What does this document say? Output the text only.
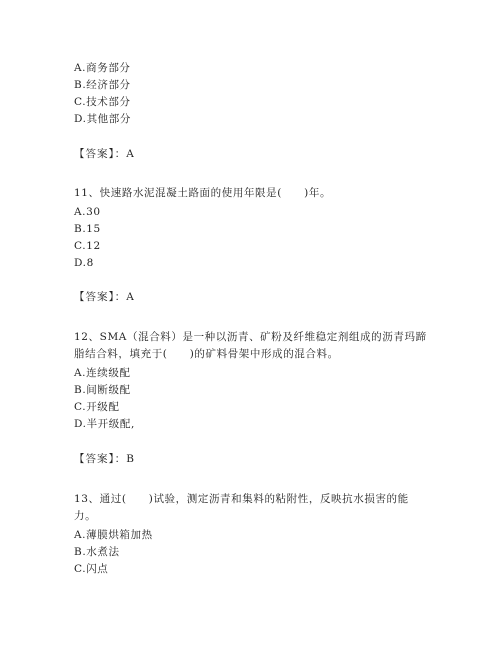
A.商务部分
B.经济部分
C.技术部分
D.其他部分
【答案】：A
11、快速路水泥混凝土路面的使用年限是(　　)年。
A.30
B.15
C.12
D.8
【答案】：A
12、SMA（混合料）是一种以沥青、矿粉及纤维稳定剂组成的沥青玛蹄
脂结合料，填充于(　　)的矿料骨架中形成的混合料。
A.连续级配
B.间断级配
C.开级配
D.半开级配,
【答案】：B
13、通过(　　)试验，测定沥青和集料的粘附性，反映抗水损害的能
力。
A.薄膜烘箱加热
B.水煮法
C.闪点
